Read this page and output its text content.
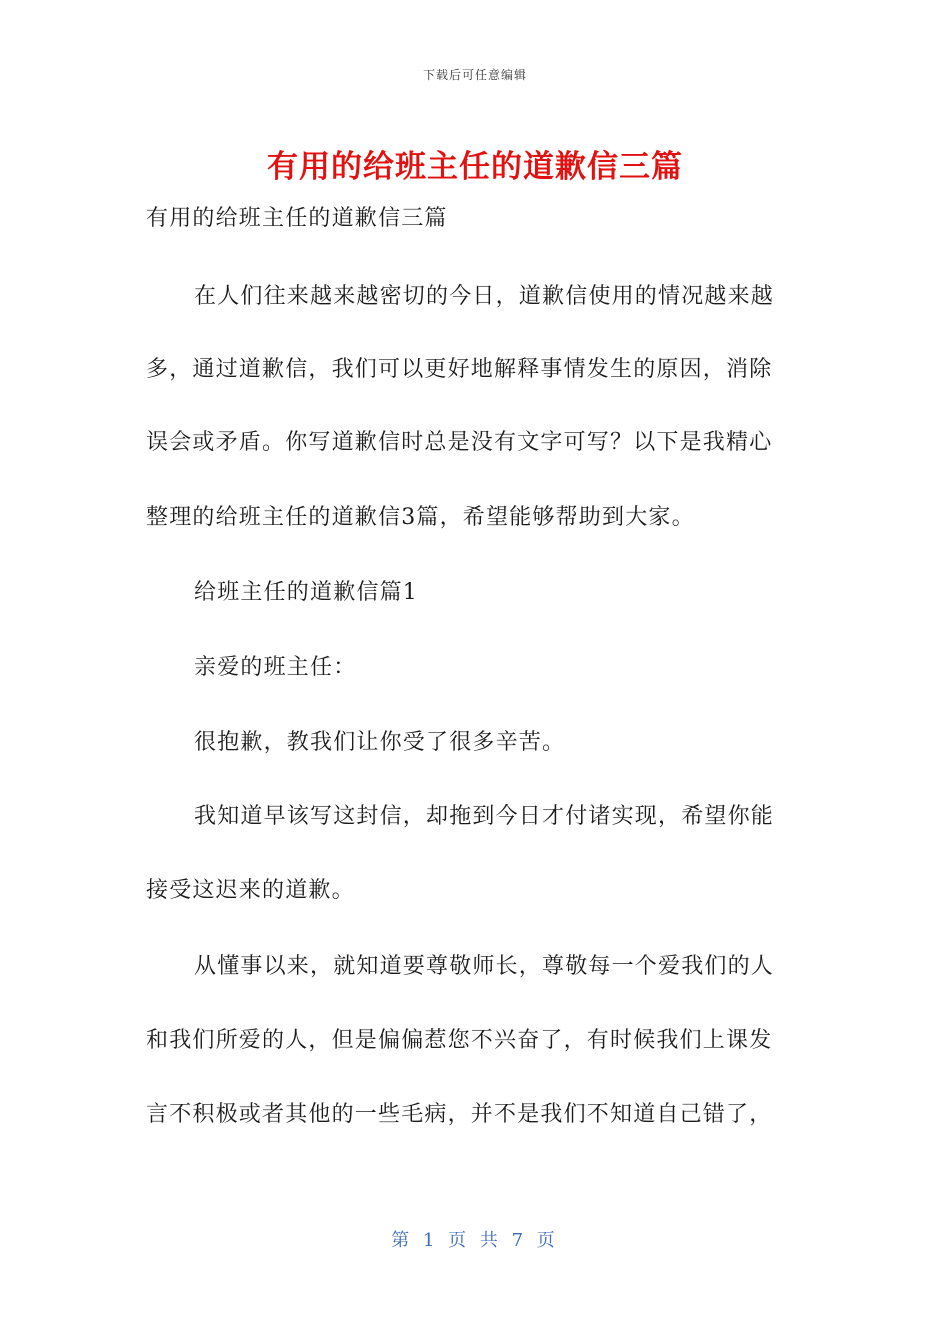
下载后可任意编辑
有用的给班主任的道歉信三篇
有用的给班主任的道歉信三篇
在人们往来越来越密切的今日，道歉信使用的情况越来越
多，通过道歉信，我们可以更好地解释事情发生的原因，消除
误会或矛盾。你写道歉信时总是没有文字可写？以下是我精心
整理的给班主任的道歉信3篇，希望能够帮助到大家。
给班主任的道歉信篇1
亲爱的班主任：
很抱歉，教我们让你受了很多辛苦。
我知道早该写这封信，却拖到今日才付诸实现，希望你能
接受这迟来的道歉。
从懂事以来，就知道要尊敬师长，尊敬每一个爱我们的人
和我们所爱的人，但是偏偏惹您不兴奋了，有时候我们上课发
言不积极或者其他的一些毛病，并不是我们不知道自己错了，
第 1 页 共 7 页
